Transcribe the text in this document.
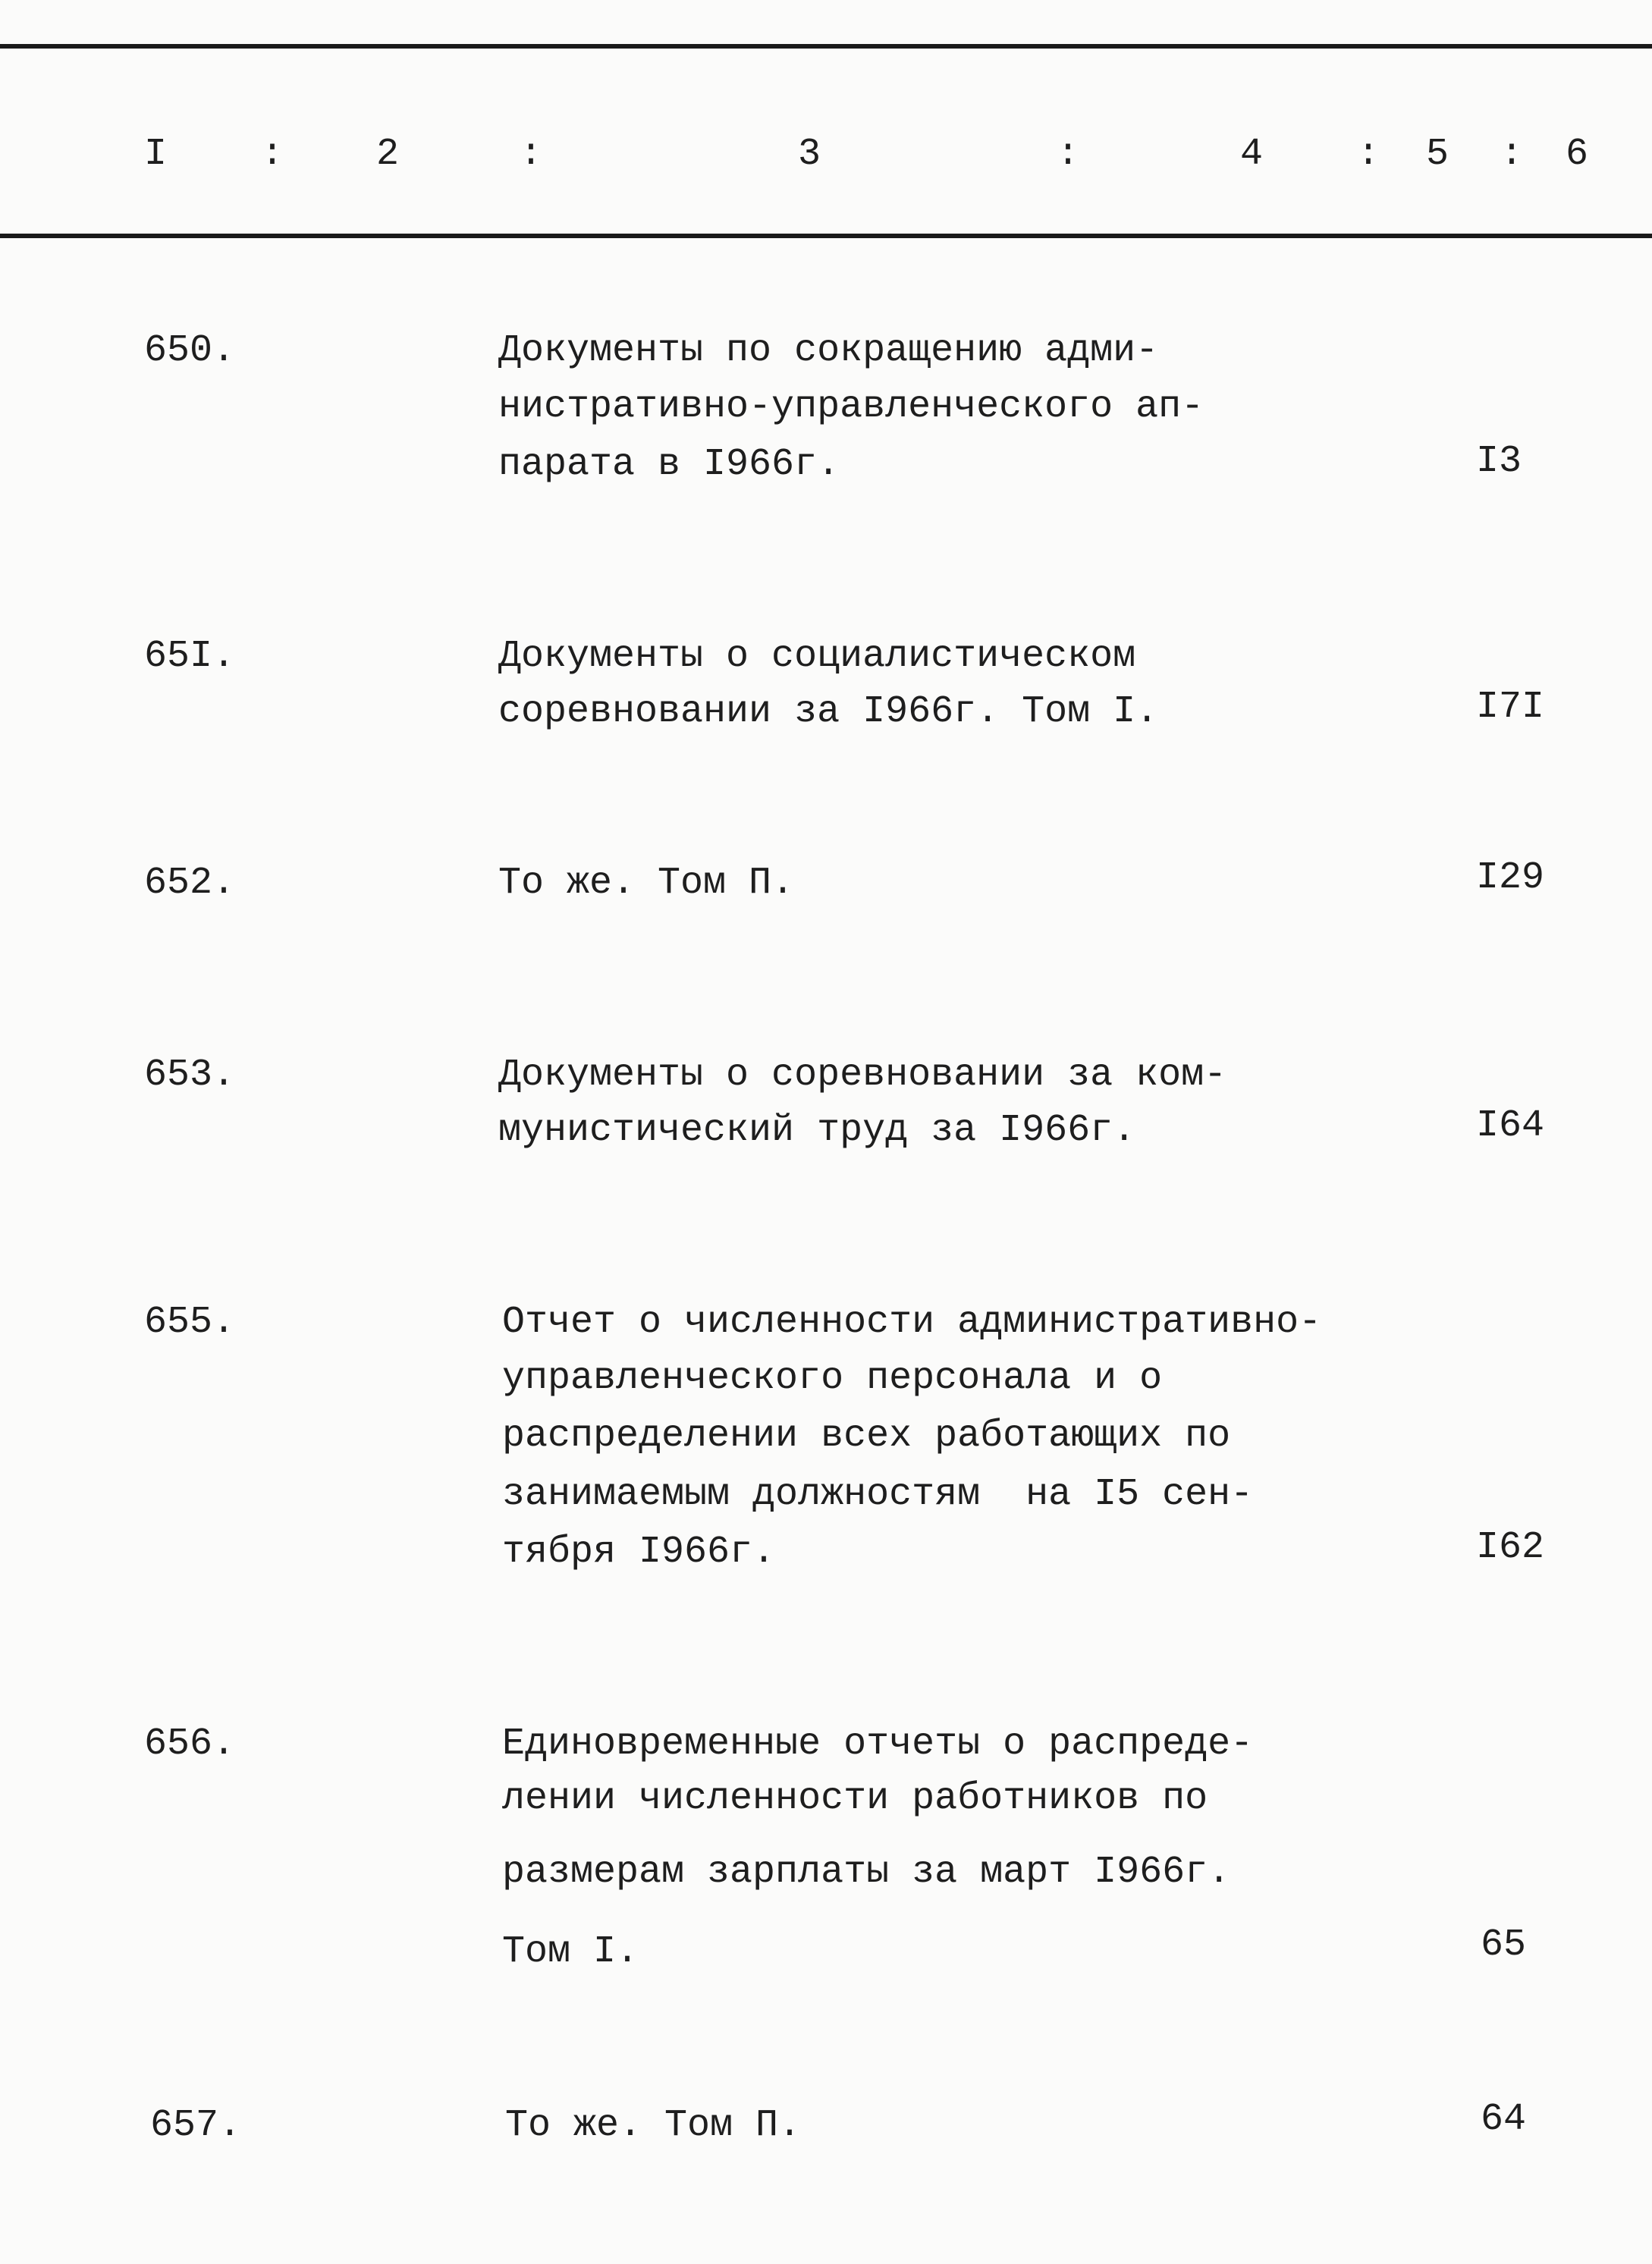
I : 2	:	3	:	4 : 5 : 6
650.	Документы по сокращению адми-
нистративно-управленческого ап-
парата в I966г.	I3
65I.	Документы о социалистическом
соревновании за I966г. Том I.	I7I
652.	То же. Том П.	I29
653.	Документы о соревновании за ком-
мунистический труд за I966г.	I64
655.	Отчет о численности административно-
управленческого персонала и о
распределении всех работающих по
занимаемым должностям  на I5 сен-
тября I966г.	I62
656.	Единовременные отчеты о распреде-
лении численности работников по
размерам зарплаты за март I966г.
Том I.	65
657.	То же. Том П.	64
